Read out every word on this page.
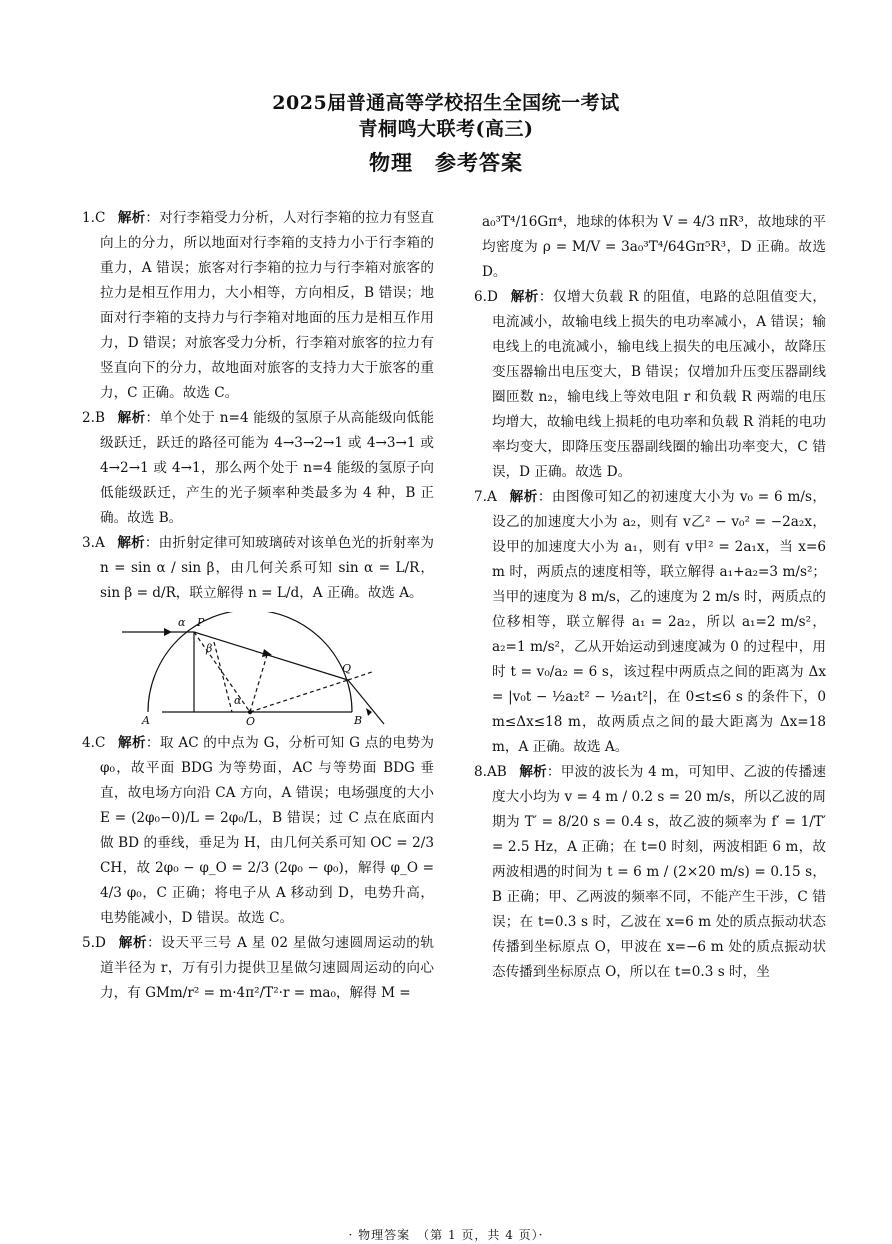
2025届普通高等学校招生全国统一考试
青桐鸣大联考(高三)
物理　参考答案
1.C 解析：对行李箱受力分析，人对行李箱的拉力有竖直向上的分力，所以地面对行李箱的支持力小于行李箱的重力，A 错误；旅客对行李箱的拉力与行李箱对旅客的拉力是相互作用力，大小相等，方向相反，B 错误；地面对行李箱的支持力与行李箱对地面的压力是相互作用力，D 错误；对旅客受力分析，行李箱对旅客的拉力有竖直向下的分力，故地面对旅客的支持力大于旅客的重力，C 正确。故选 C。
2.B 解析：单个处于 n=4 能级的氢原子从高能级向低能级跃迁，跃迁的路径可能为 4→3→2→1 或 4→3→1 或 4→2→1 或 4→1，那么两个处于 n=4 能级的氢原子向低能级跃迁，产生的光子频率种类最多为 4 种，B 正确。故选 B。
3.A 解析：由折射定律可知玻璃砖对该单色光的折射率为 n = sin α / sin β，由几何关系可知 sin α = L/R， sin β = d/R，联立解得 n = L/d，A 正确。故选 A。
α P
β
Q
α
A	O	B
4.C 解析：取 AC 的中点为 G，分析可知 G 点的电势为 φ₀，故平面 BDG 为等势面，AC 与等势面 BDG 垂直，故电场方向沿 CA 方向，A 错误；电场强度的大小 E = (2φ₀−0)/L = 2φ₀/L，B 错误；过 C 点在底面内做 BD 的垂线，垂足为 H，由几何关系可知 OC = 2/3 CH，故 2φ₀ − φ_O = 2/3 (2φ₀ − φ₀)，解得 φ_O = 4/3 φ₀，C 正确；将电子从 A 移动到 D，电势升高，电势能减小，D 错误。故选 C。
5.D 解析：设天平三号 A 星 02 星做匀速圆周运动的轨道半径为 r，万有引力提供卫星做匀速圆周运动的向心力，有 GMm/r² = m·4π²/T²·r = ma₀，解得 M =
a₀³T⁴/16Gπ⁴，地球的体积为 V = 4/3 πR³，故地球的平均密度为 ρ = M/V = 3a₀³T⁴/64Gπ⁵R³，D 正确。故选 D。
6.D 解析：仅增大负载 R 的阻值，电路的总阻值变大，电流减小，故输电线上损失的电功率减小，A 错误；输电线上的电流减小，输电线上损失的电压减小，故降压变压器输出电压变大，B 错误；仅增加升压变压器副线圈匝数 n₂，输电线上等效电阻 r 和负载 R 两端的电压均增大，故输电线上损耗的电功率和负载 R 消耗的电功率均变大，即降压变压器副线圈的输出功率变大，C 错误，D 正确。故选 D。
7.A 解析：由图像可知乙的初速度大小为 v₀ = 6 m/s，设乙的加速度大小为 a₂，则有 v乙² − v₀² = −2a₂x，设甲的加速度大小为 a₁，则有 v甲² = 2a₁x，当 x=6 m 时，两质点的速度相等，联立解得 a₁+a₂=3 m/s²；当甲的速度为 8 m/s，乙的速度为 2 m/s 时，两质点的位移相等，联立解得 a₁ = 2a₂，所以 a₁=2 m/s²，a₂=1 m/s²，乙从开始运动到速度减为 0 的过程中，用时 t = v₀/a₂ = 6 s，该过程中两质点之间的距离为 Δx = |v₀t − ½a₂t² − ½a₁t²|，在 0≤t≤6 s 的条件下，0 m≤Δx≤18 m，故两质点之间的最大距离为 Δx=18 m，A 正确。故选 A。
8.AB 解析：甲波的波长为 4 m，可知甲、乙波的传播速度大小均为 v = 4 m / 0.2 s = 20 m/s，所以乙波的周期为 T′ = 8/20 s = 0.4 s，故乙波的频率为 f′ = 1/T′ = 2.5 Hz，A 正确；在 t=0 时刻，两波相距 6 m，故两波相遇的时间为 t = 6 m / (2×20 m/s) = 0.15 s，B 正确；甲、乙两波的频率不同，不能产生干涉，C 错误；在 t=0.3 s 时，乙波在 x=6 m 处的质点振动状态传播到坐标原点 O，甲波在 x=−6 m 处的质点振动状态传播到坐标原点 O，所以在 t=0.3 s 时，坐
· 物理答案　（第 1 页，共 4 页）·
